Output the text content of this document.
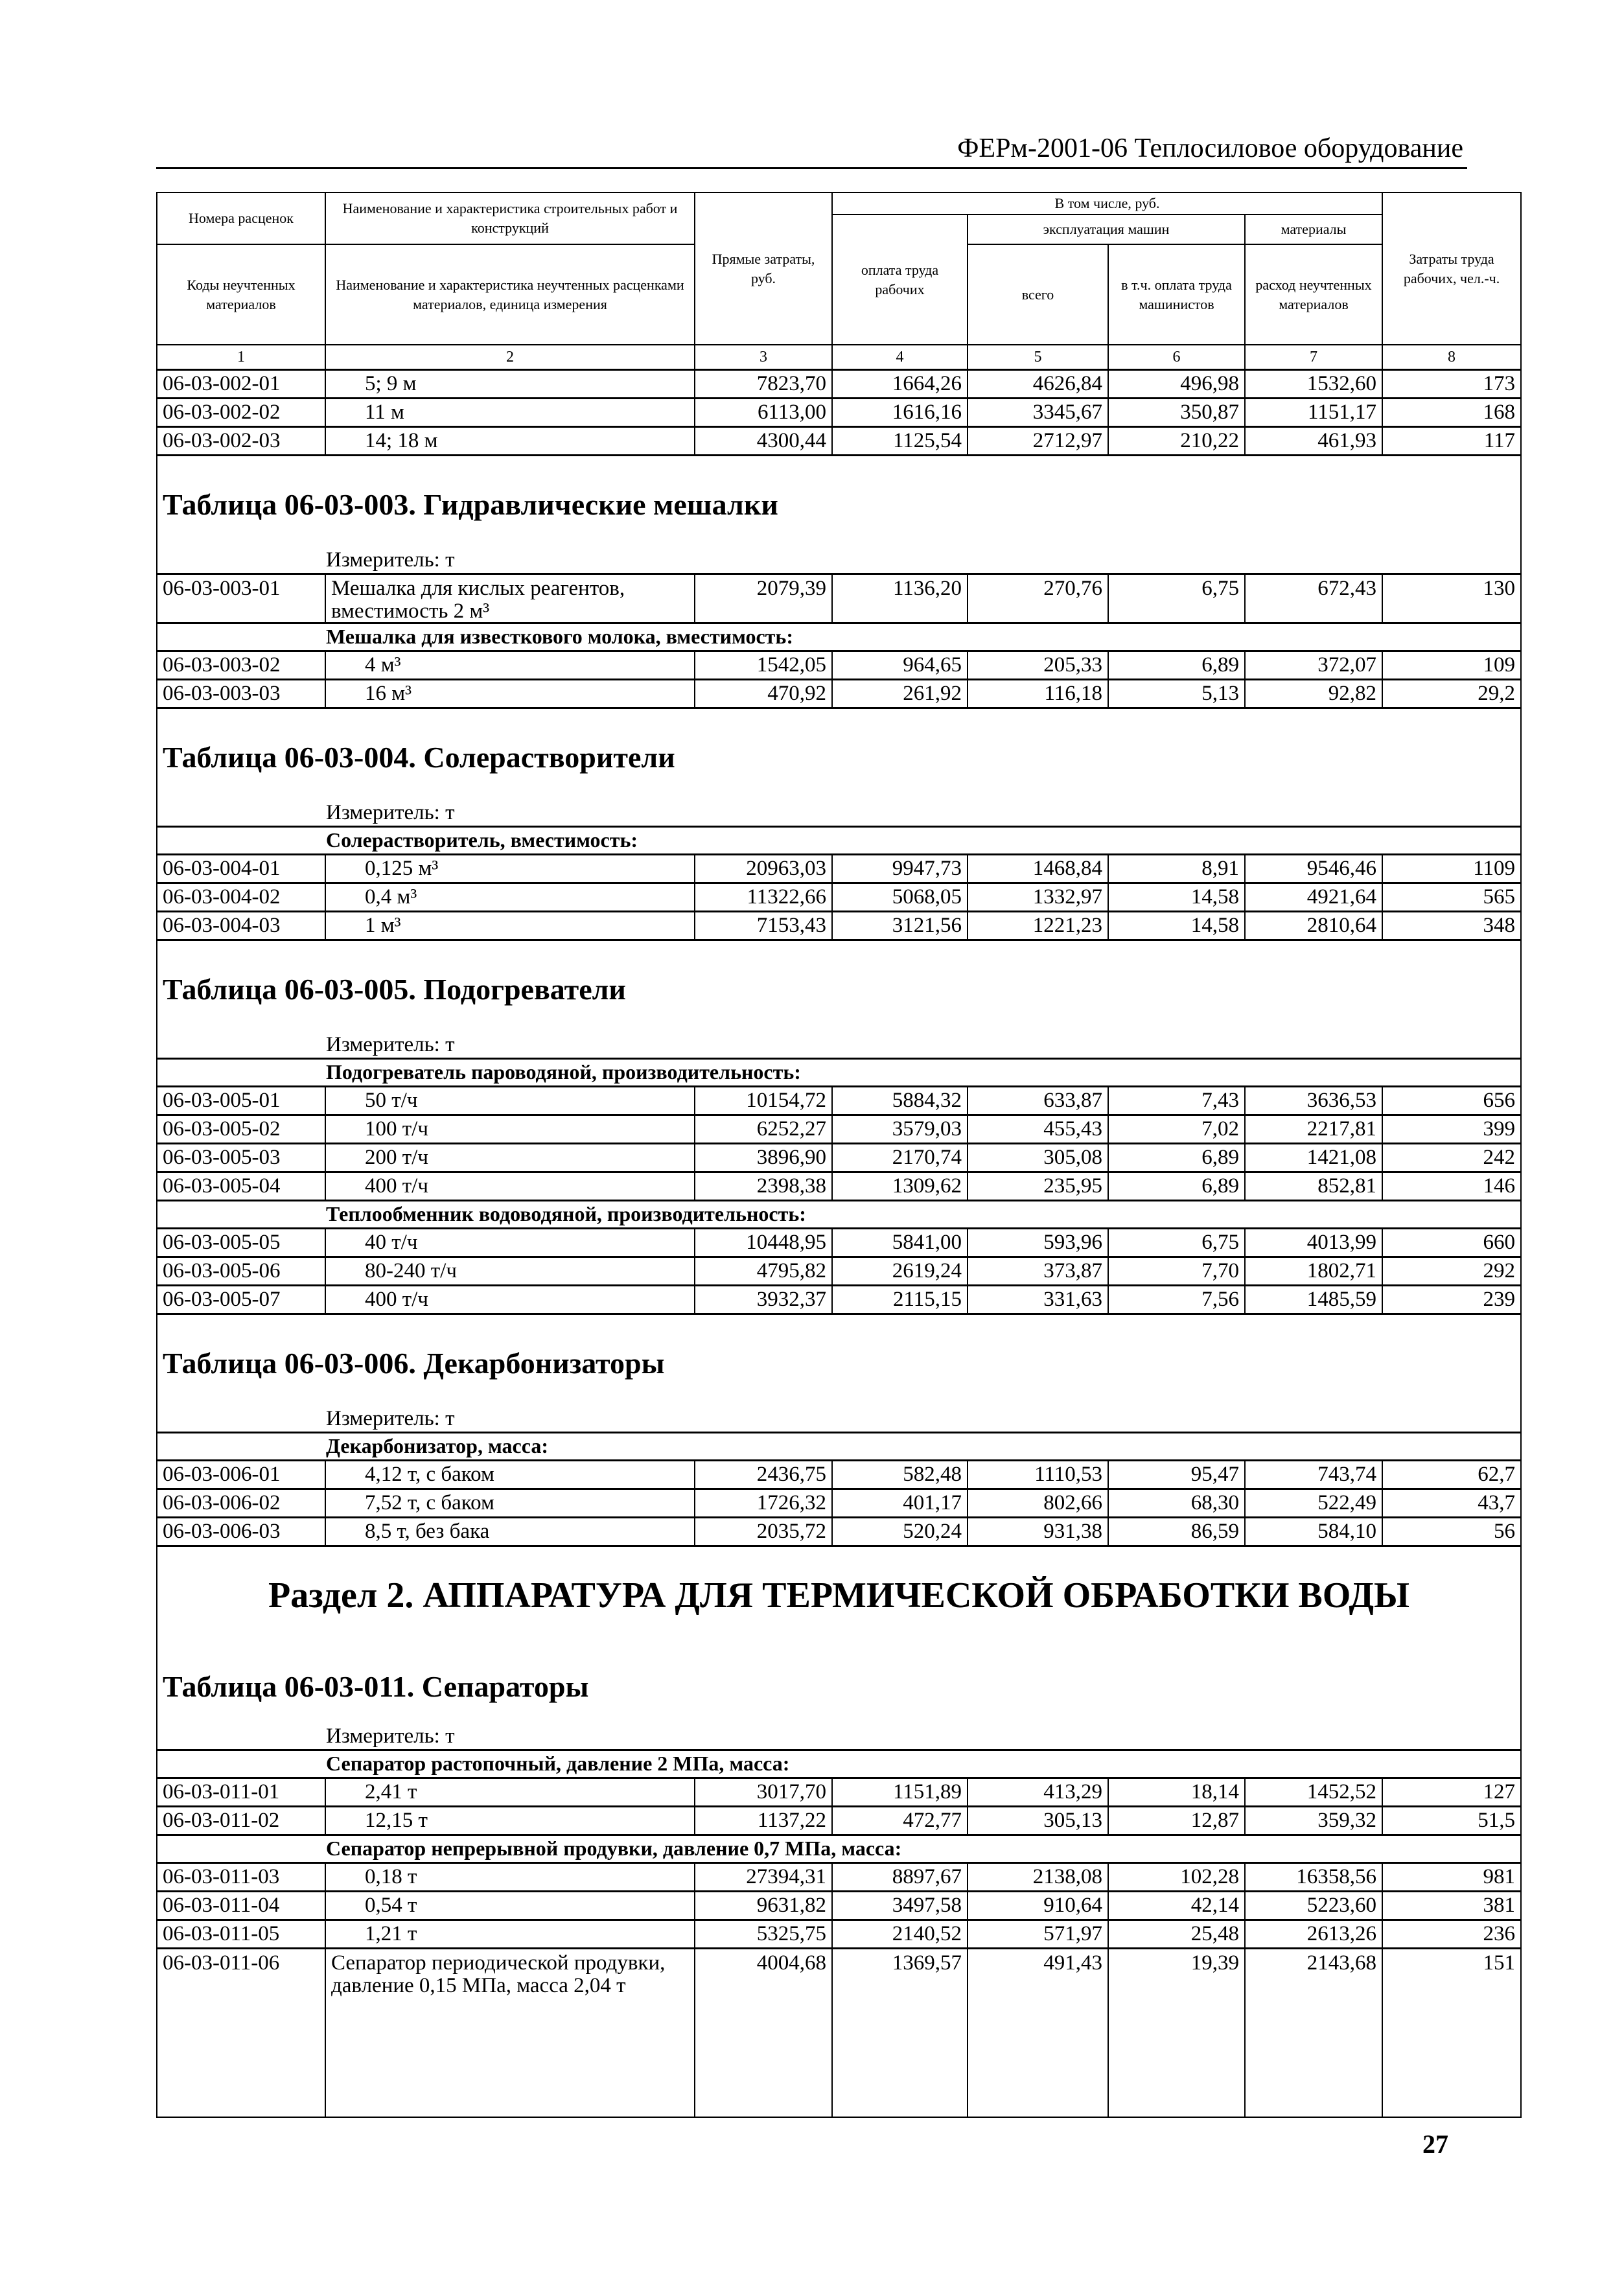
ФЕРм-2001-06 Теплосиловое оборудование
Номера расценок	Наименование и характеристика строительных работ и конструкций	Прямые затраты, руб.	В том числе, руб.				Затраты труда рабочих, чел.-ч.
			оплата труда рабочих	эксплуатация машин		материалы	
Коды неучтенных материалов	Наименование и характеристика неучтенных расценками материалов, единица измерения			всего	в т.ч. оплата труда машинистов	расход неучтенных материалов	
1	2	3	4	5	6	7	8
06-03-002-01	5; 9 м	7823,70	1664,26	4626,84	496,98	1532,60	173
06-03-002-02	11 м	6113,00	1616,16	3345,67	350,87	1151,17	168
06-03-002-03	14; 18 м	4300,44	1125,54	2712,97	210,22	461,93	117
Таблица 06-03-003. Гидравлические мешалки							
Измеритель: т							
06-03-003-01	Мешалка для кислых реагентов, вместимость 2 м³	2079,39	1136,20	270,76	6,75	672,43	130
Мешалка для известкового молока, вместимость:							
06-03-003-02	4 м³	1542,05	964,65	205,33	6,89	372,07	109
06-03-003-03	16 м³	470,92	261,92	116,18	5,13	92,82	29,2
Таблица 06-03-004. Солерастворители							
Измеритель: т							
Солерастворитель, вместимость:							
06-03-004-01	0,125 м³	20963,03	9947,73	1468,84	8,91	9546,46	1109
06-03-004-02	0,4 м³	11322,66	5068,05	1332,97	14,58	4921,64	565
06-03-004-03	1 м³	7153,43	3121,56	1221,23	14,58	2810,64	348
Таблица 06-03-005. Подогреватели							
Измеритель: т							
Подогреватель пароводяной, производительность:							
06-03-005-01	50 т/ч	10154,72	5884,32	633,87	7,43	3636,53	656
06-03-005-02	100 т/ч	6252,27	3579,03	455,43	7,02	2217,81	399
06-03-005-03	200 т/ч	3896,90	2170,74	305,08	6,89	1421,08	242
06-03-005-04	400 т/ч	2398,38	1309,62	235,95	6,89	852,81	146
Теплообменник водоводяной, производительность:							
06-03-005-05	40 т/ч	10448,95	5841,00	593,96	6,75	4013,99	660
06-03-005-06	80-240 т/ч	4795,82	2619,24	373,87	7,70	1802,71	292
06-03-005-07	400 т/ч	3932,37	2115,15	331,63	7,56	1485,59	239
Таблица 06-03-006. Декарбонизаторы							
Измеритель: т							
Декарбонизатор, масса:							
06-03-006-01	4,12 т, с баком	2436,75	582,48	1110,53	95,47	743,74	62,7
06-03-006-02	7,52 т, с баком	1726,32	401,17	802,66	68,30	522,49	43,7
06-03-006-03	8,5 т, без бака	2035,72	520,24	931,38	86,59	584,10	56
Раздел 2. АППАРАТУРА ДЛЯ ТЕРМИЧЕСКОЙ ОБРАБОТКИ ВОДЫ							
Таблица 06-03-011. Сепараторы							
Измеритель: т							
Сепаратор растопочный, давление 2 МПа, масса:							
06-03-011-01	2,41 т	3017,70	1151,89	413,29	18,14	1452,52	127
06-03-011-02	12,15 т	1137,22	472,77	305,13	12,87	359,32	51,5
Сепаратор непрерывной продувки, давление 0,7 МПа, масса:							
06-03-011-03	0,18 т	27394,31	8897,67	2138,08	102,28	16358,56	981
06-03-011-04	0,54 т	9631,82	3497,58	910,64	42,14	5223,60	381
06-03-011-05	1,21 т	5325,75	2140,52	571,97	25,48	2613,26	236
06-03-011-06	Сепаратор периодической продувки, давление 0,15 МПа, масса 2,04 т	4004,68	1369,57	491,43	19,39	2143,68	151
27
